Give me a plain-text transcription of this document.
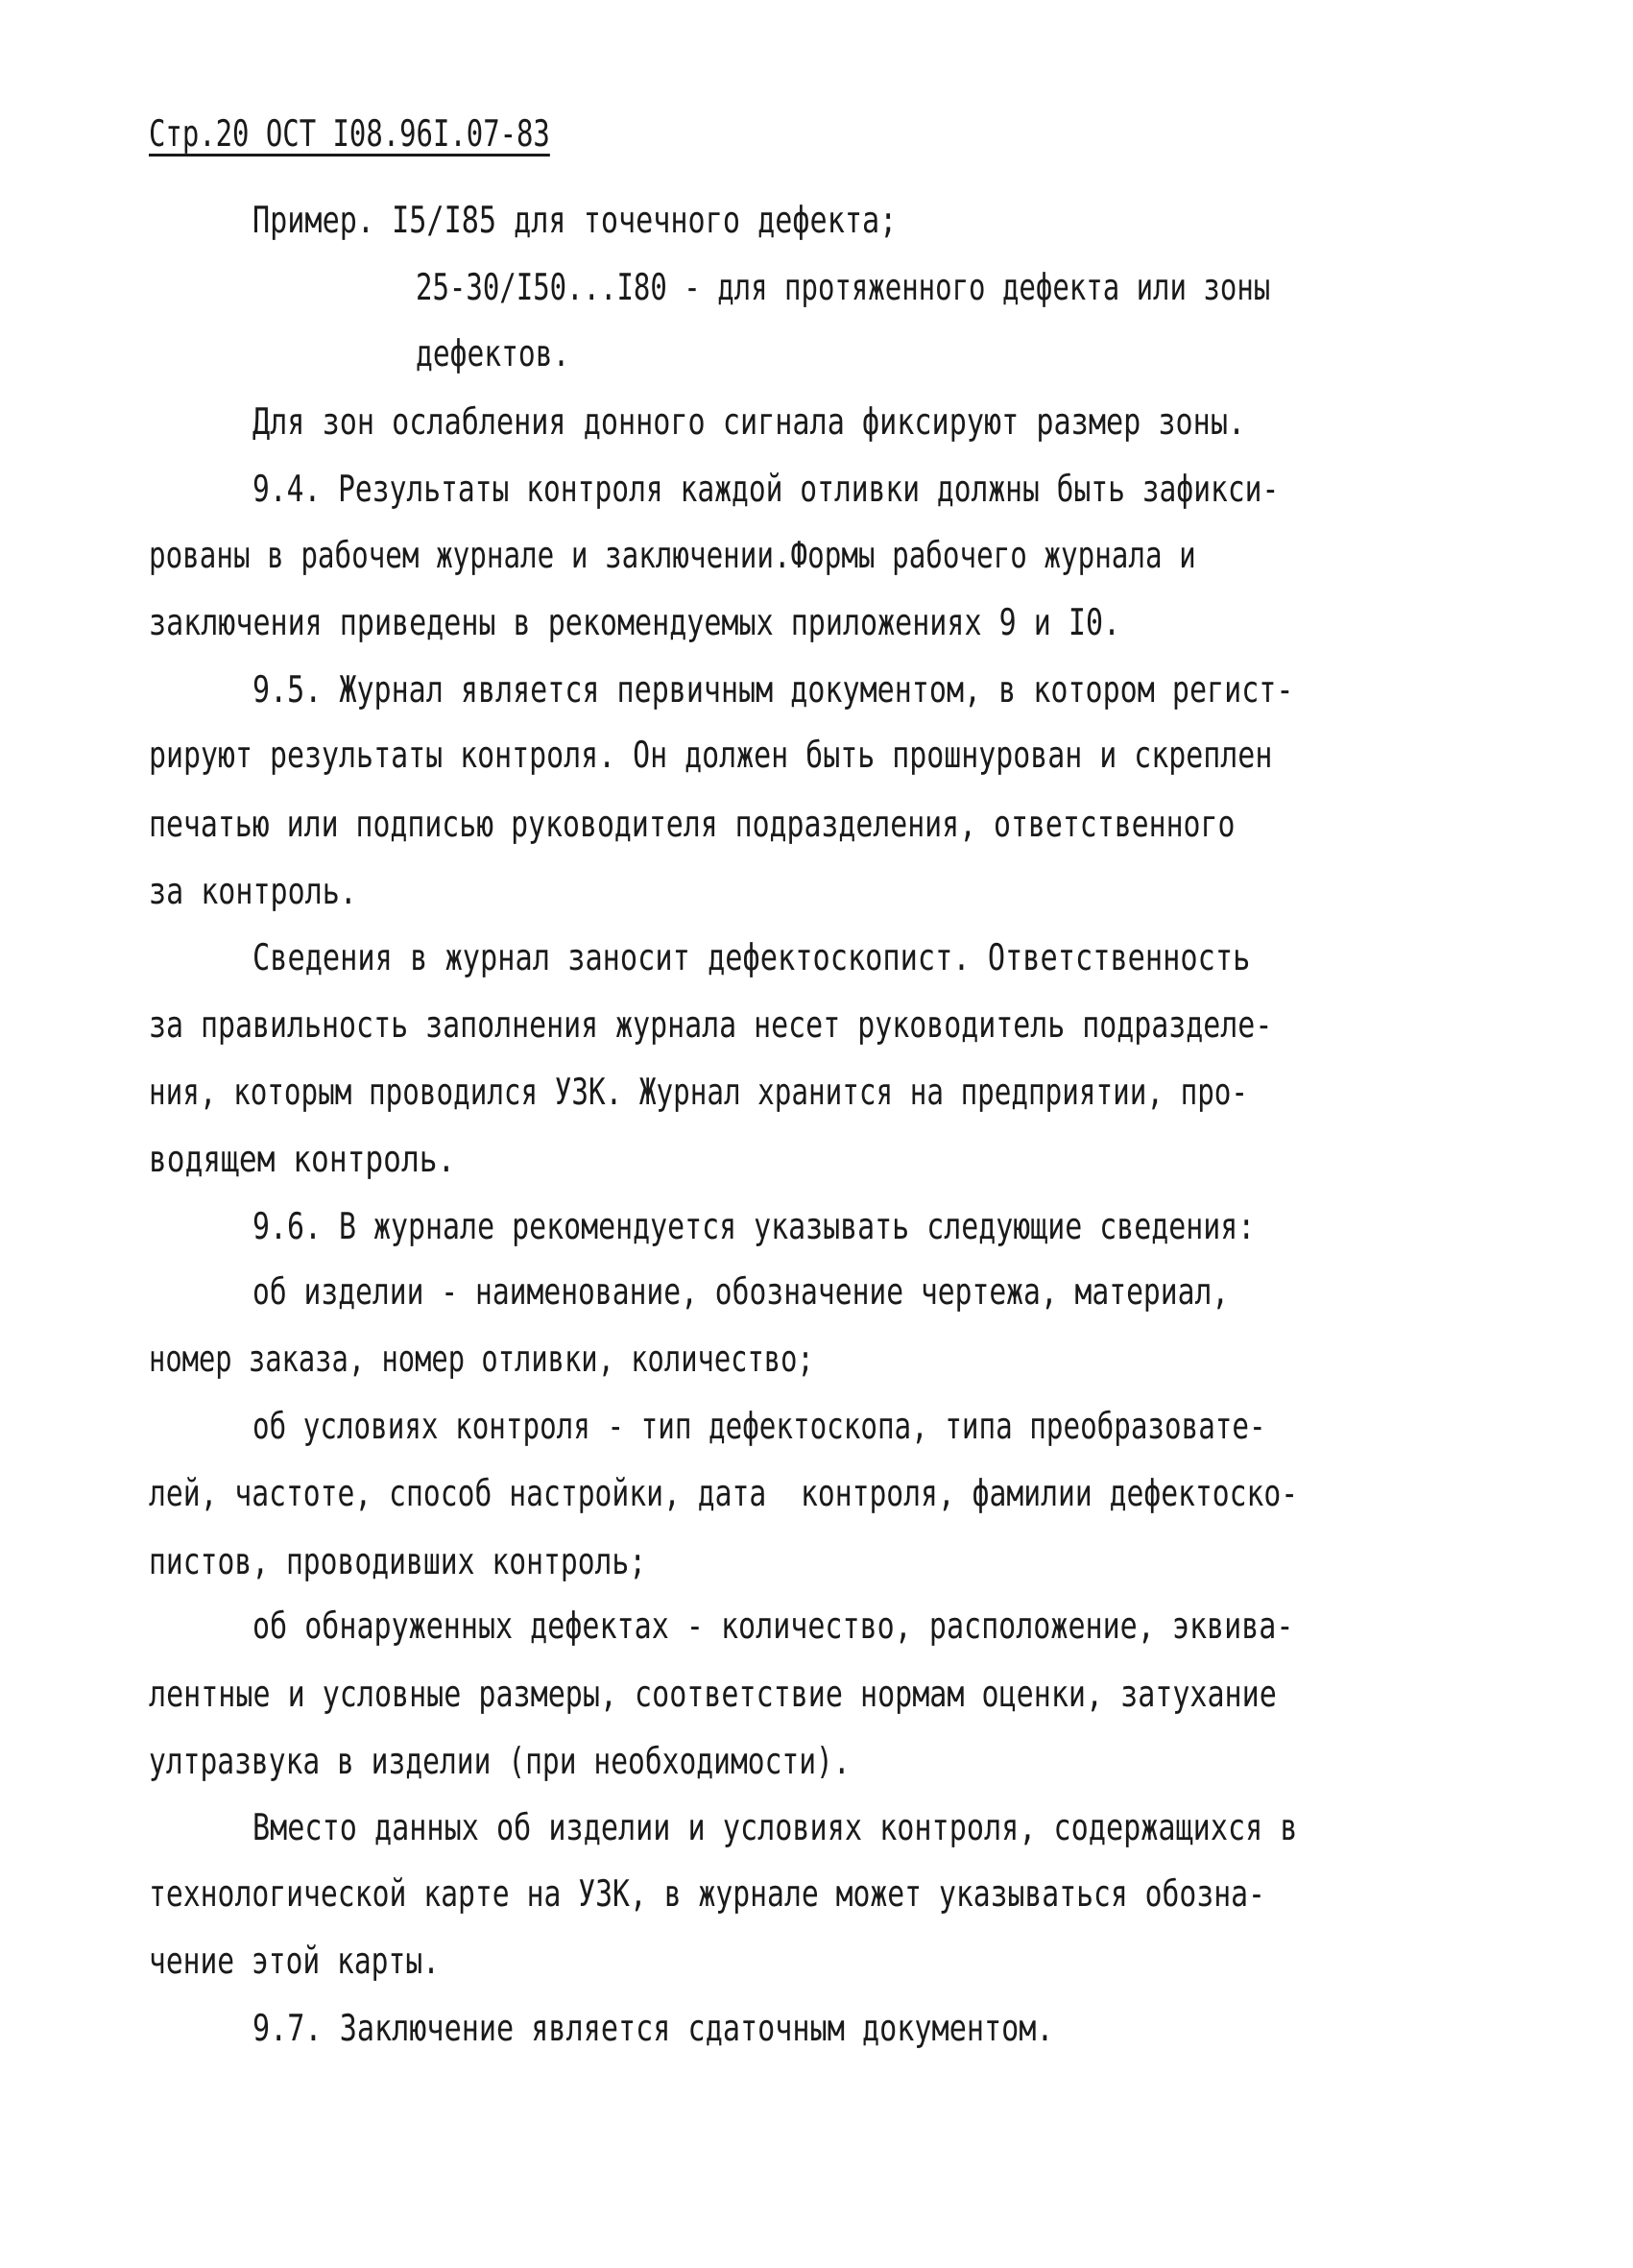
Стр.20 ОСТ I08.96I.07-83
Пример. I5/I85 для точечного дефекта;
25-30/I50...I80 - для протяженного дефекта или зоны
дефектов.
Для зон ослабления донного сигнала фиксируют размер зоны.
9.4. Результаты контроля каждой отливки должны быть зафикси-
рованы в рабочем журнале и заключении.Формы рабочего журнала и
заключения приведены в рекомендуемых приложениях 9 и I0.
9.5. Журнал является первичным документом, в котором регист-
рируют результаты контроля. Он должен быть прошнурован и скреплен
печатью или подписью руководителя подразделения, ответственного
за контроль.
Сведения в журнал заносит дефектоскопист. Ответственность
за правильность заполнения журнала несет руководитель подразделе-
ния, которым проводился УЗК. Журнал хранится на предприятии, про-
водящем контроль.
9.6. В журнале рекомендуется указывать следующие сведения:
об изделии - наименование, обозначение чертежа, материал,
номер заказа, номер отливки, количество;
об условиях контроля - тип дефектоскопа, типа преобразовате-
лей, частоте, способ настройки, дата  контроля, фамилии дефектоско-
пистов, проводивших контроль;
об обнаруженных дефектах - количество, расположение, эквива-
лентные и условные размеры, соответствие нормам оценки, затухание
ултразвука в изделии (при необходимости).
Вместо данных об изделии и условиях контроля, содержащихся в
технологической карте на УЗК, в журнале может указываться обозна-
чение этой карты.
9.7. Заключение является сдаточным документом.
